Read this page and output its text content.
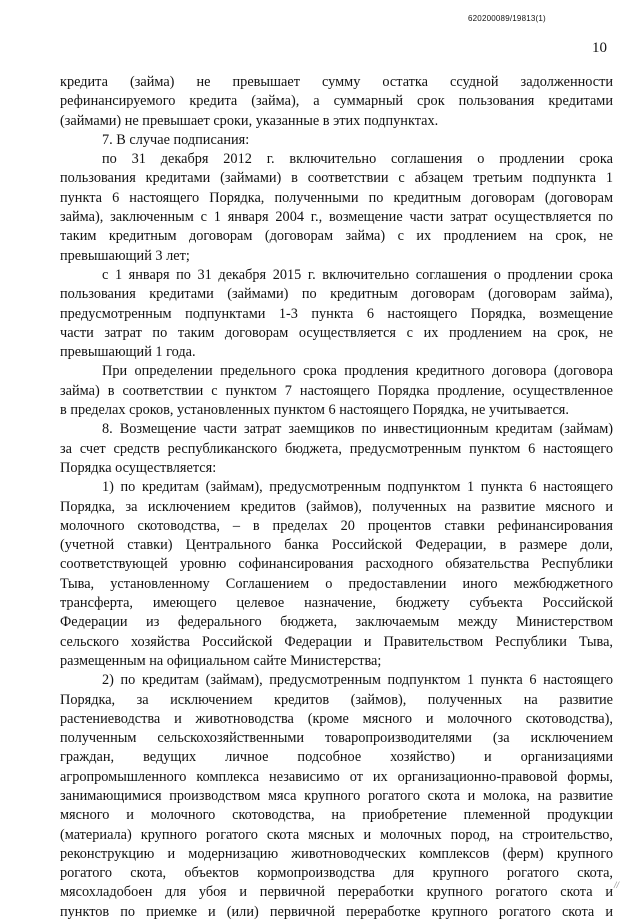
620200089/19813(1)
10
кредита (займа) не превышает сумму остатка ссудной задолженности
рефинансируемого кредита (займа), а суммарный срок пользования кредитами
(займами) не превышает сроки, указанные в этих подпунктах.
7. В случае подписания:
по 31 декабря 2012 г. включительно соглашения о продлении срока
пользования кредитами (займами) в соответствии с абзацем третьим подпункта 1
пункта 6 настоящего Порядка, полученными по кредитным договорам (договорам
займа), заключенным с 1 января 2004 г., возмещение части затрат осуществляется по
таким кредитным договорам (договорам займа) с их продлением на срок, не
превышающий 3 лет;
с 1 января по 31 декабря 2015 г. включительно соглашения о продлении срока
пользования кредитами (займами) по кредитным договорам (договорам займа),
предусмотренным подпунктами 1-3 пункта 6 настоящего Порядка, возмещение
части затрат по таким договорам осуществляется с их продлением на срок, не
превышающий 1 года.
При определении предельного срока продления кредитного договора (договора
займа) в соответствии с пунктом 7 настоящего Порядка продление, осуществленное
в пределах сроков, установленных пунктом 6 настоящего Порядка, не учитывается.
8. Возмещение части затрат заемщиков по инвестиционным кредитам (займам)
за счет средств республиканского бюджета, предусмотренным пунктом 6 настоящего
Порядка осуществляется:
1) по кредитам (займам), предусмотренным подпунктом 1 пункта 6 настоящего
Порядка, за исключением кредитов (займов), полученных на развитие мясного и
молочного скотоводства, – в пределах 20 процентов ставки рефинансирования
(учетной ставки) Центрального банка Российской Федерации, в размере доли,
соответствующей уровню софинансирования расходного обязательства Республики
Тыва, установленному Соглашением о предоставлении иного межбюджетного
трансферта, имеющего целевое назначение, бюджету субъекта Российской
Федерации из федерального бюджета, заключаемым между Министерством
сельского хозяйства Российской Федерации и Правительством Республики Тыва,
размещенным на официальном сайте Министерства;
2) по кредитам (займам), предусмотренным подпунктом 1 пункта 6 настоящего
Порядка, за исключением кредитов (займов), полученных на развитие
растениеводства и животноводства (кроме мясного и молочного скотоводства),
полученным сельскохозяйственными товаропроизводителями (за исключением
граждан, ведущих личное подсобное хозяйство) и организациями
агропромышленного комплекса независимо от их организационно-правовой формы,
занимающимися производством мяса крупного рогатого скота и молока, на развитие
мясного и молочного скотоводства, на приобретение племенной продукции
(материала) крупного рогатого скота мясных и молочных пород, на строительство,
реконструкцию и модернизацию животноводческих комплексов (ферм) крупного
рогатого скота, объектов кормопроизводства для крупного рогатого скота,
мясохладобоен для убоя и первичной переработки крупного рогатого скота и
пунктов по приемке и (или) первичной переработке крупного рогатого скота и
//
